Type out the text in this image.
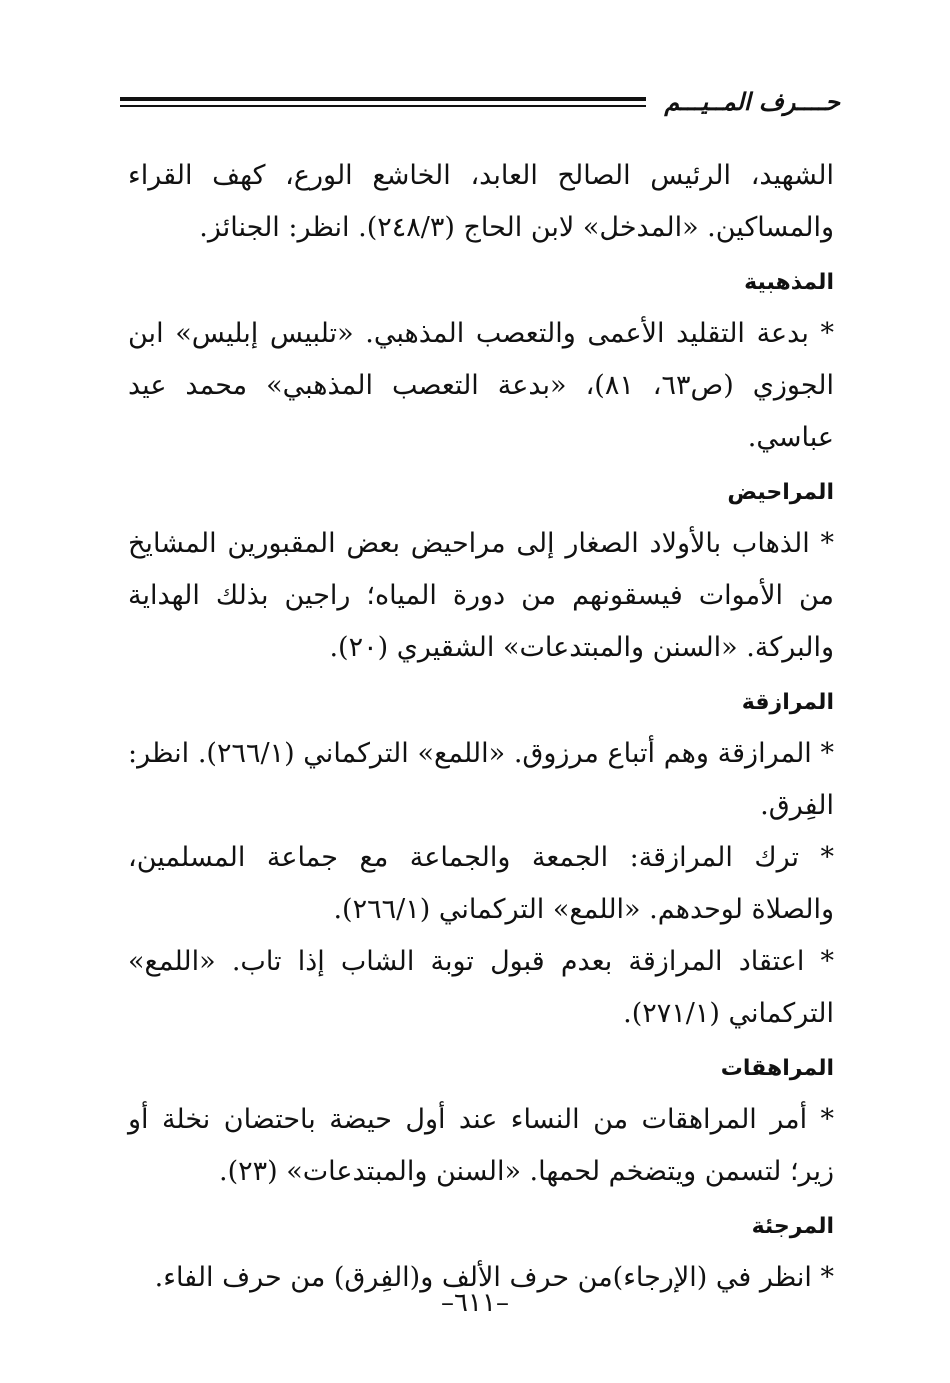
حــــرف المــيـــم

الشهيد، الرئيس الصالح العابد، الخاشع الورع، كهف القراء والمساكين. «المدخل» لابن الحاج (٢٤٨/٣). انظر: الجنائز.

المذهبية

* بدعة التقليد الأعمى والتعصب المذهبي. «تلبيس إبليس» ابن الجوزي (ص٦٣، ٨١)، «بدعة التعصب المذهبي» محمد عيد عباسي.

المراحيض

* الذهاب بالأولاد الصغار إلى مراحيض بعض المقبورين المشايخ من الأموات فيسقونهم من دورة المياه؛ راجين بذلك الهداية والبركة. «السنن والمبتدعات» الشقيري (٢٠).

المرازقة

* المرازقة وهم أتباع مرزوق. «اللمع» التركماني (٢٦٦/١). انظر: الفِرق.

* ترك المرازقة: الجمعة والجماعة مع جماعة المسلمين، والصلاة لوحدهم. «اللمع» التركماني (٢٦٦/١).

* اعتقاد المرازقة بعدم قبول توبة الشاب إذا تاب. «اللمع» التركماني (٢٧١/١).

المراهقات

* أمر المراهقات من النساء عند أول حيضة باحتضان نخلة أو زير؛ لتسمن ويتضخم لحمها. «السنن والمبتدعات» (٢٣).

المرجئة

* انظر في (الإرجاء)من حرف الألف و(الفِرق) من حرف الفاء.

–٦١١–
